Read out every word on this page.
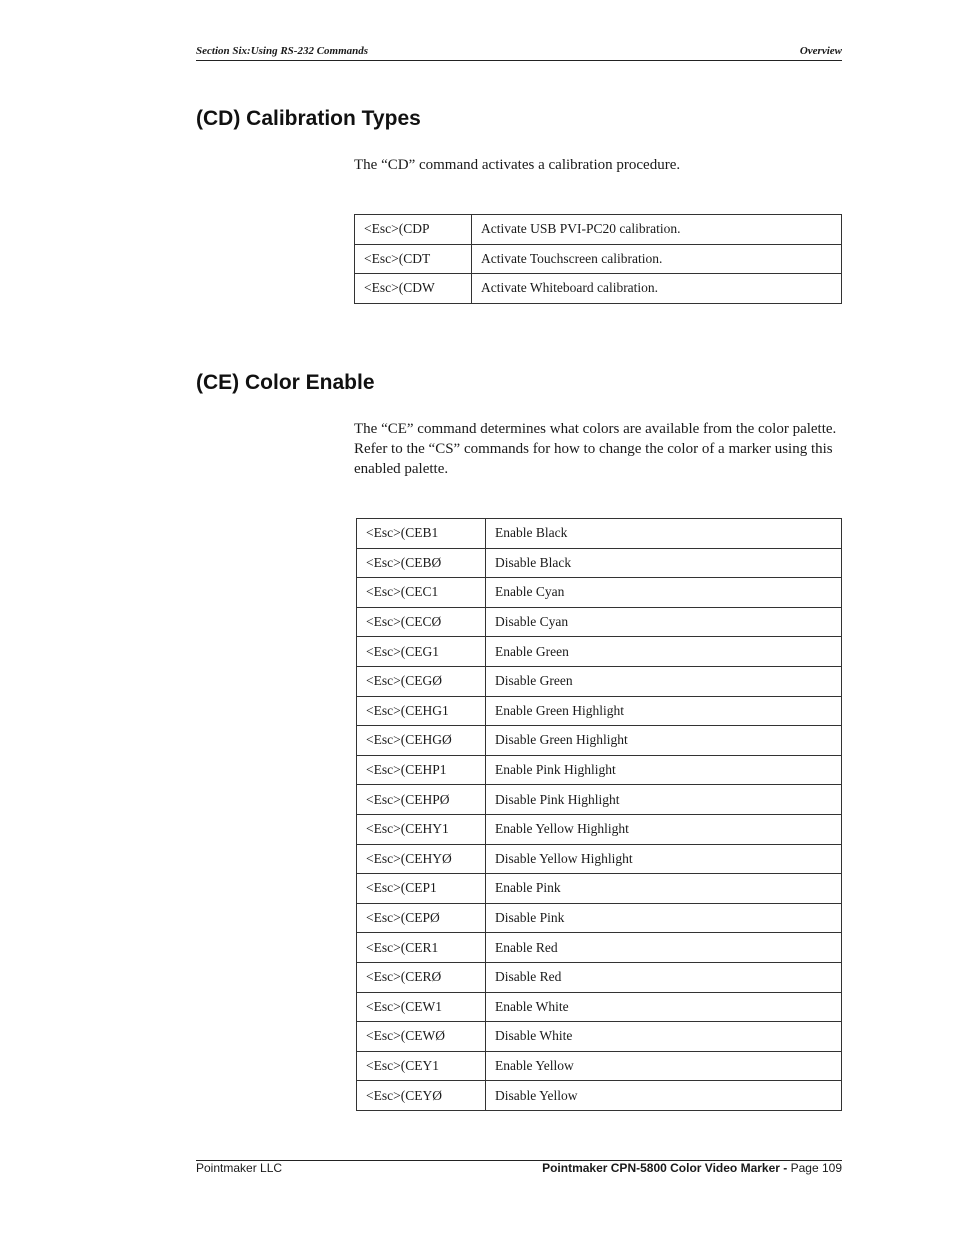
Section Six:Using RS-232 Commands	Overview
(CD) Calibration Types

The “CD” command activates a calibration procedure.

<Esc>(CDP	Activate USB PVI-PC20 calibration.
<Esc>(CDT	Activate Touchscreen calibration.
<Esc>(CDW	Activate Whiteboard calibration.
(CE) Color Enable

The “CE” command determines what colors are available from the color palette. Refer to the “CS” commands for how to change the color of a marker using this enabled palette.

<Esc>(CEB1	Enable Black
<Esc>(CEBØ	Disable Black
<Esc>(CEC1	Enable Cyan
<Esc>(CECØ	Disable Cyan
<Esc>(CEG1	Enable Green
<Esc>(CEGØ	Disable Green
<Esc>(CEHG1	Enable Green Highlight
<Esc>(CEHGØ	Disable Green Highlight
<Esc>(CEHP1	Enable Pink Highlight
<Esc>(CEHPØ	Disable Pink Highlight
<Esc>(CEHY1	Enable Yellow Highlight
<Esc>(CEHYØ	Disable Yellow Highlight
<Esc>(CEP1	Enable Pink
<Esc>(CEPØ	Disable Pink
<Esc>(CER1	Enable Red
<Esc>(CERØ	Disable Red
<Esc>(CEW1	Enable White
<Esc>(CEWØ	Disable White
<Esc>(CEY1	Enable Yellow
<Esc>(CEYØ	Disable Yellow
Pointmaker LLC	Pointmaker CPN-5800 Color Video Marker - Page 109
